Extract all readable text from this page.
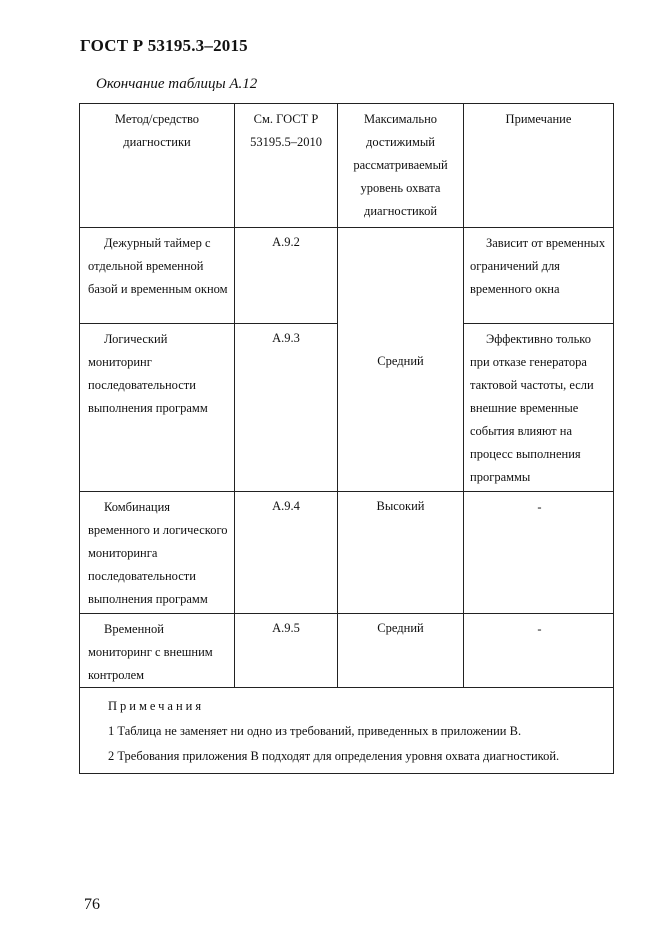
ГОСТ Р 53195.3–2015
Окончание таблицы А.12
Метод/средство диагностики	См. ГОСТ Р 53195.5–2010	Максимально достижимый рассматриваемый уровень охвата диагностикой	Примечание

Дежурный таймер с отдельной временной базой и временным окном	А.9.2	Средний	Зависит от временных ограничений для временного окна

Логический мониторинг последовательности выполнения программ	А.9.3		Эффективно только при отказе генератора тактовой частоты, если внешние временные события влияют на процесс выполнения программы

Комбинация временного и логического мониторинга последовательности выполнения программ	А.9.4	Высокий	-

Временной мониторинг с внешним контролем	А.9.5	Средний	-

Примечания
1 Таблица не заменяет ни одно из требований, приведенных в приложении В.
2 Требования приложения В подходят для определения уровня охвата диагностикой.			
76
